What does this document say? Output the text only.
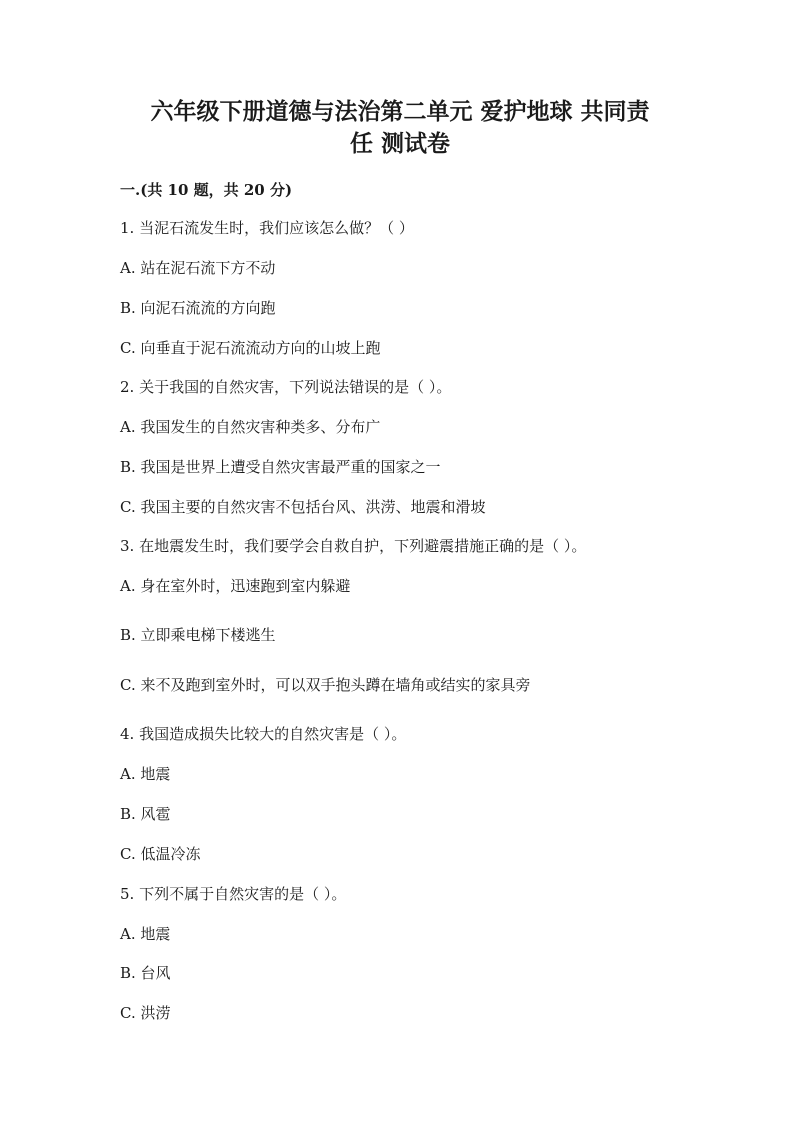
六年级下册道德与法治第二单元 爱护地球 共同责
任 测试卷
一.(共 10 题，共 20 分)
1. 当泥石流发生时，我们应该怎么做？（ ）
A. 站在泥石流下方不动
B. 向泥石流流的方向跑
C. 向垂直于泥石流流动方向的山坡上跑
2. 关于我国的自然灾害，下列说法错误的是（ ）。
A. 我国发生的自然灾害种类多、分布广
B. 我国是世界上遭受自然灾害最严重的国家之一
C. 我国主要的自然灾害不包括台风、洪涝、地震和滑坡
3. 在地震发生时，我们要学会自救自护，下列避震措施正确的是（ ）。
A. 身在室外时，迅速跑到室内躲避
B. 立即乘电梯下楼逃生
C. 来不及跑到室外时，可以双手抱头蹲在墙角或结实的家具旁
4. 我国造成损失比较大的自然灾害是（ ）。
A. 地震
B. 风雹
C. 低温冷冻
5. 下列不属于自然灾害的是（ ）。
A. 地震
B. 台风
C. 洪涝
